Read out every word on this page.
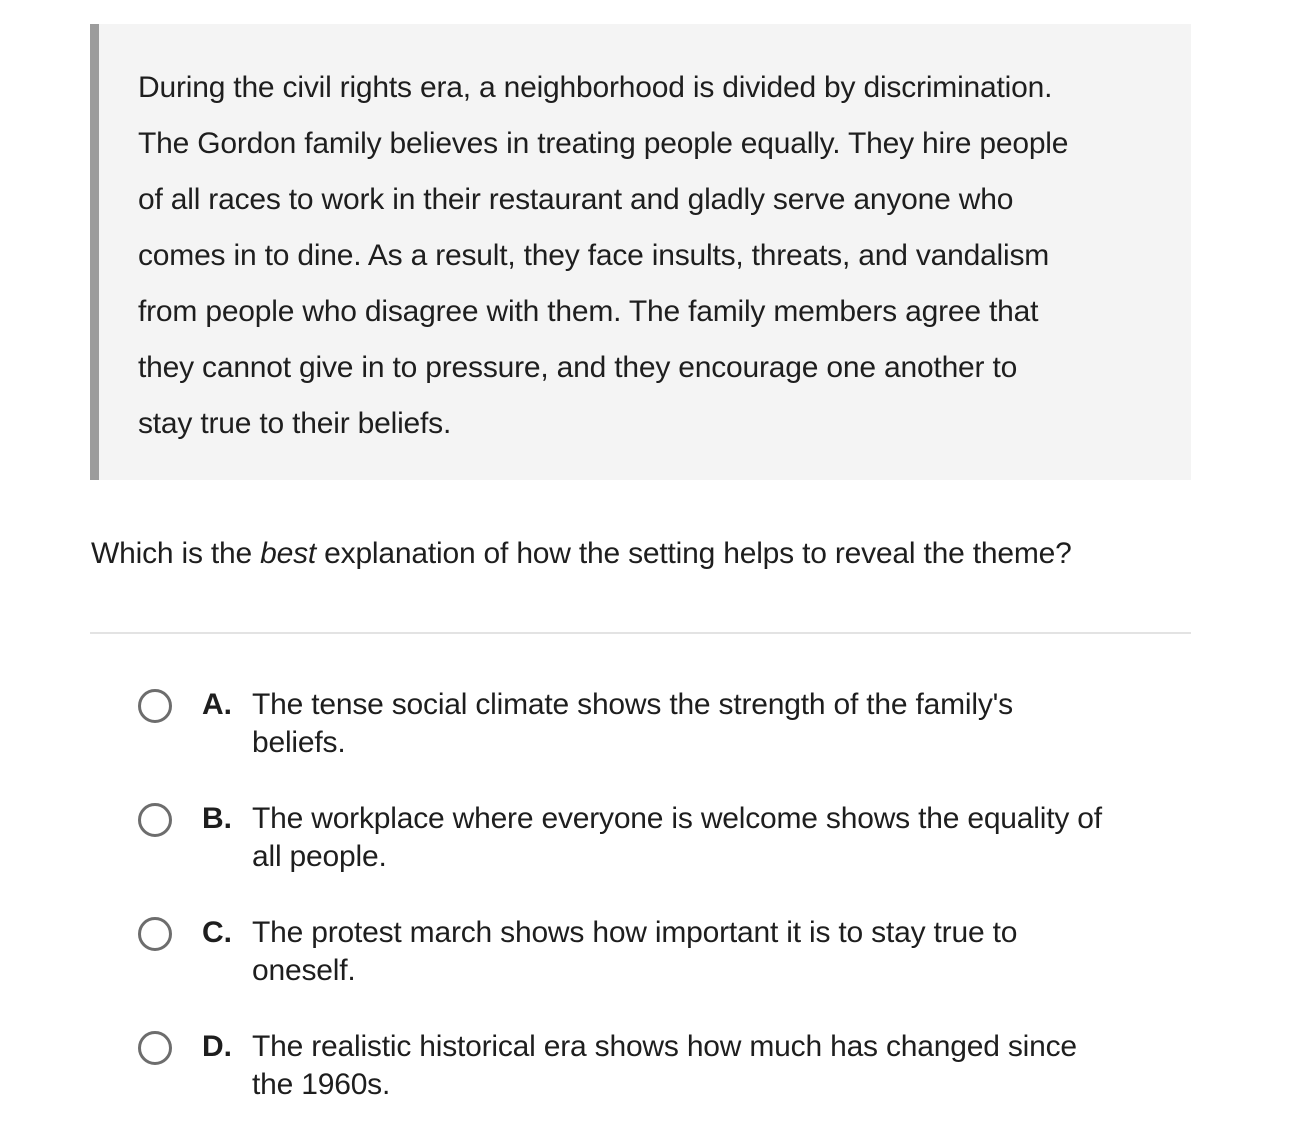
During the civil rights era, a neighborhood is divided by discrimination.
The Gordon family believes in treating people equally. They hire people
of all races to work in their restaurant and gladly serve anyone who
comes in to dine. As a result, they face insults, threats, and vandalism
from people who disagree with them. The family members agree that
they cannot give in to pressure, and they encourage one another to
stay true to their beliefs.

Which is the best explanation of how the setting helps to reveal the theme?

A. The tense social climate shows the strength of the family's
beliefs.
B. The workplace where everyone is welcome shows the equality of
all people.
C. The protest march shows how important it is to stay true to
oneself.
D. The realistic historical era shows how much has changed since
the 1960s.
